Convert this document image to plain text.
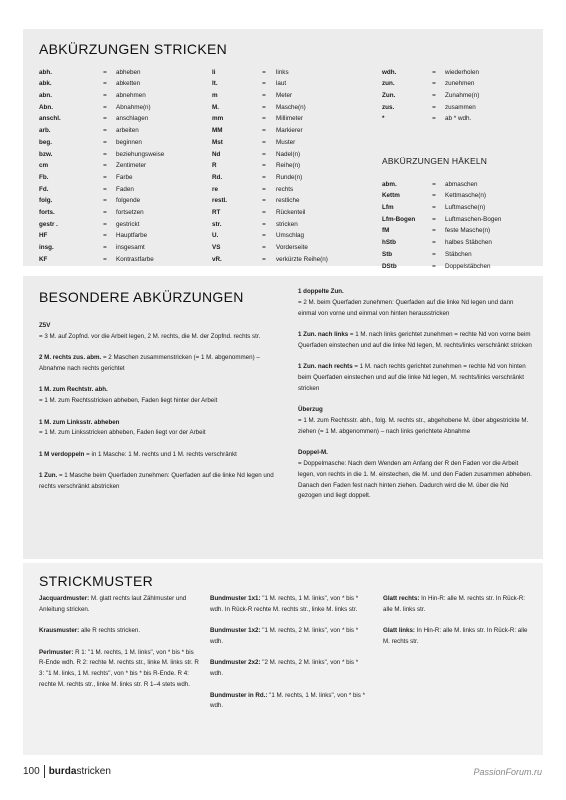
ABKÜRZUNGEN STRICKEN
abh.	=	abheben
abk.	=	abketten
abn.	=	abnehmen
Abn.	=	Abnahme(n)
anschl.	=	anschlagen
arb.	=	arbeiten
beg.	=	beginnen
bzw.	=	beziehungsweise
cm	=	Zentimeter
Fb.	=	Farbe
Fd.	=	Faden
folg.	=	folgende
forts.	=	fortsetzen
gestr .	=	gestrickt
HF	=	Hauptfarbe
insg.	=	insgesamt
KF	=	Kontrastfarbe
li	=	links
lt.	=	laut
m	=	Meter
M.	=	Masche(n)
mm	=	Millimeter
MM	=	Markierer
Mst	=	Muster
Nd	=	Nadel(n)
R	=	Reihe(n)
Rd.	=	Runde(n)
re	=	rechts
restl.	=	restliche
RT	=	Rückenteil
str.	=	stricken
U.	=	Umschlag
VS	=	Vorderseite
vR.	=	verkürzte Reihe(n)
wdh.	=	wiederholen
zun.	=	zunehmen
Zun.	=	Zunahme(n)
zus.	=	zusammen
*	=	ab * wdh.
ABKÜRZUNGEN HÄKELN
abm.	=	abmaschen
Kettm	=	Kettmasche(n)
Lfm	=	Luftmasche(n)
Lfm-Bogen	=	Luftmaschen-Bogen
fM	=	feste Masche(n)
hStb	=	halbes Stäbchen
Stb	=	Stäbchen
DStb	=	Doppelstäbchen
BESONDERE ABKÜRZUNGEN

Z5V
= 3 M. auf Zopfnd. vor die Arbeit legen, 2 M. rechts, die M. der Zopfnd. rechts str.

2 M. rechts zus. abm. = 2 Maschen zusammenstricken (= 1 M. abgenommen) – Abnahme nach rechts gerichtet

1 M. zum Rechtstr. abh.
= 1 M. zum Rechtsstricken abheben, Faden liegt hinter der Arbeit

1 M. zum Linksstr. abheben
= 1 M. zum Linksstricken abheben, Faden liegt vor der Arbeit

1 M verdoppeln = in 1 Masche: 1 M. rechts und 1 M. rechts verschränkt

1 Zun. = 1 Masche beim Querfaden zunehmen: Querfaden auf die linke Nd legen und rechts verschränkt abstricken

1 doppelte Zun.
= 2 M. beim Querfaden zunehmen: Querfaden auf die linke Nd legen und dann einmal von vorne und einmal von hinten herausstricken

1 Zun. nach links = 1 M. nach links gerichtet zunehmen = rechte Nd von vorne beim Querfaden einstechen und auf die linke Nd legen, M. rechts/links verschränkt stricken

1 Zun. nach rechts = 1 M. nach rechts gerichtet zunehmen = rechte Nd von hinten beim Querfaden einstechen und auf die linke Nd legen, M. rechts/links verschränkt stricken

Überzug
= 1 M. zum Rechtsstr. abh., folg. M. rechts str., abgehobene M. über abgestrickte M. ziehen (= 1 M. abgenommen) – nach links gerichtete Abnahme

Doppel-M.
= Doppelmasche: Nach dem Wenden am Anfang der R den Faden vor die Arbeit legen, von rechts in die 1. M. einstechen, die M. und den Faden zusammen abheben. Danach den Faden fest nach hinten ziehen. Dadurch wird die M. über die Nd gezogen und liegt doppelt.

STRICKMUSTER

Jacquardmuster: M. glatt rechts laut Zählmuster und Anleitung stricken.

Krausmuster: alle R rechts stricken.

Perlmuster: R 1: "1 M. rechts, 1 M. links", von * bis * bis R-Ende wdh. R 2: rechte M. rechts str., linke M. links str. R 3: "1 M. links, 1 M. rechts", von * bis * bis R-Ende. R 4: rechte M. rechts str., linke M. links str. R 1–4 stets wdh.

Bundmuster 1x1: "1 M. rechts, 1 M. links", von * bis * wdh. In Rück-R rechte M. rechts str., linke M. links str.

Bundmuster 1x2: "1 M. rechts, 2 M. links", von * bis * wdh.

Bundmuster 2x2: "2 M. rechts, 2 M. links", von * bis * wdh.

Bundmuster in Rd.: "1 M. rechts, 1 M. links", von * bis * wdh.

Glatt rechts: In Hin-R: alle M. rechts str. In Rück-R: alle M. links str.

Glatt links: In Hin-R: alle M. links str. In Rück-R: alle M. rechts str.

100 burda stricken	PassionForum.ru
